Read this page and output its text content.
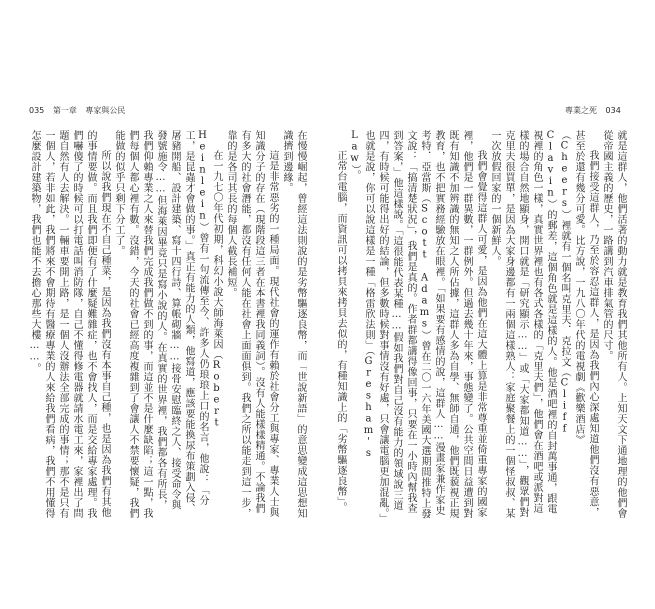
035 第一章 專家與公民	專業之死 034

就是這群人，他們活著的動力就是教育我們其他所有人。上知天文下通地理的他們會從帝國主義的歷史，一路講到汽車排氣管的尺寸。

我們接受這群人，乃至於容忍這群人，是因為我們內心深處知道他們沒有惡意，甚至於還有幾分可愛。比方說，一九八〇年代的電視劇《歡樂酒店》（Cheers）裡就有一個名叫克里夫．克拉文（Cliff Clavin）的郵差，這個角色就是這樣的人。他是酒吧裡的自封萬事通，跟電視裡的角色一樣，真實世界裡也有各式各樣的「克里夫們」，他們會在酒吧或派對這樣的場合自然地顯身，開口就是「研究顯示……」或「大家都知道……」，觀眾們對克里夫很買單，是因為大家身邊都有一兩個這樣熟人：家庭聚餐上的一個怪叔叔、某一次放假回家的一個新鮮人。

我們會覺得這群人可愛，是因為他們在這大體上算是非常尊重並倚重專家的國家裡，他們是一群異數，一群例外。但過去幾十年來，事態變了。公共空間日益遭到對既有知識不加辨識的無知之人所佔據，這群人多為自學、無師自通，他們既藐視正規教育，也不把實務經驗放在眼裡。「如果要有感情的說，這群人……漫畫家兼作家史考特．亞當斯（Scott Adams）曾在二〇一六年美國大選期間推特上發文說：「搞清楚狀況」，我們是真的。作者群都講得像回事，只要在一小時內幫我查到答案，」他這樣說。「這很能代表某種……假如我們對自己沒有能力的領域說三道四，有時候可能得出好的結論，但多數時候對事情沒有好處，只會讓電腦更加混亂。」也就是說，你可以說這樣是一種「格雷欣法則」（Gresham's Law）。

正常台電腦，而資訊可以拷貝來拷貝去似的，有種知識上的「劣幣驅逐良幣」。

在慢慢崛起，曾經這法則說的是劣幣驅逐良幣，而「世說新語」的意思變成這思想知識擠到邊緣。

這是非常惡劣的一種局面。現代社會的運作有賴於社會分工與專家、專業人士與知識分子的存在（現階段這三者在本書裡我同義詞）。沒有人能樣樣精通。不論我們有多大的社會潛能，都沒有任何人能在社會上面面俱到。我們之所以能走到這一步，靠的是各司其長的每個人截長補短。

在一九七〇年代初期，科幻小說大師海萊因（Robert Heinlein）曾有一句流傳至今、許多人仍琅琅上口的名言，他說：「分工，是昆蟲才會做的事。」真正有能力的人類，他寫道，應該要能換尿布策劃入侵、屠豬開船、設計建築、寫十四行詩、算帳砌牆……接骨安慰臨終之人、接受命令與發號施令……但海萊因畢竟只是寫小說的人。在真實的世界裡，我們都各有所長，我們仰賴專業之人來替我們完成我們做不到的事，而這並不是什麼缺陷；這一點，我們每個人都心裡有數。沒錯，今天的社會已經高度複雜到了會讓人不禁要懷疑，我們能做的似乎只剩下分工了。

所以說我們現在不自己種菜，是因為我們沒有本事自己種，也是因為我們有其他的事情要做。而且我們即便有了什麼疑難雜症，也不會找人，而是交給專家處理。我們嚇傻了的時候可以打電話叫消防隊，自己不懂得修電器就請水電工來，家裡出了問題自然有人去解決。一輛車要開上路，是一個人沒辦法全部完成的事情；那不是只有一個人，若非如此，我們將來不會期待有醫療專業的人來給我們看病，我們不用懂得怎麼設計建築物，我們也能不去擔心那些大樓……。
